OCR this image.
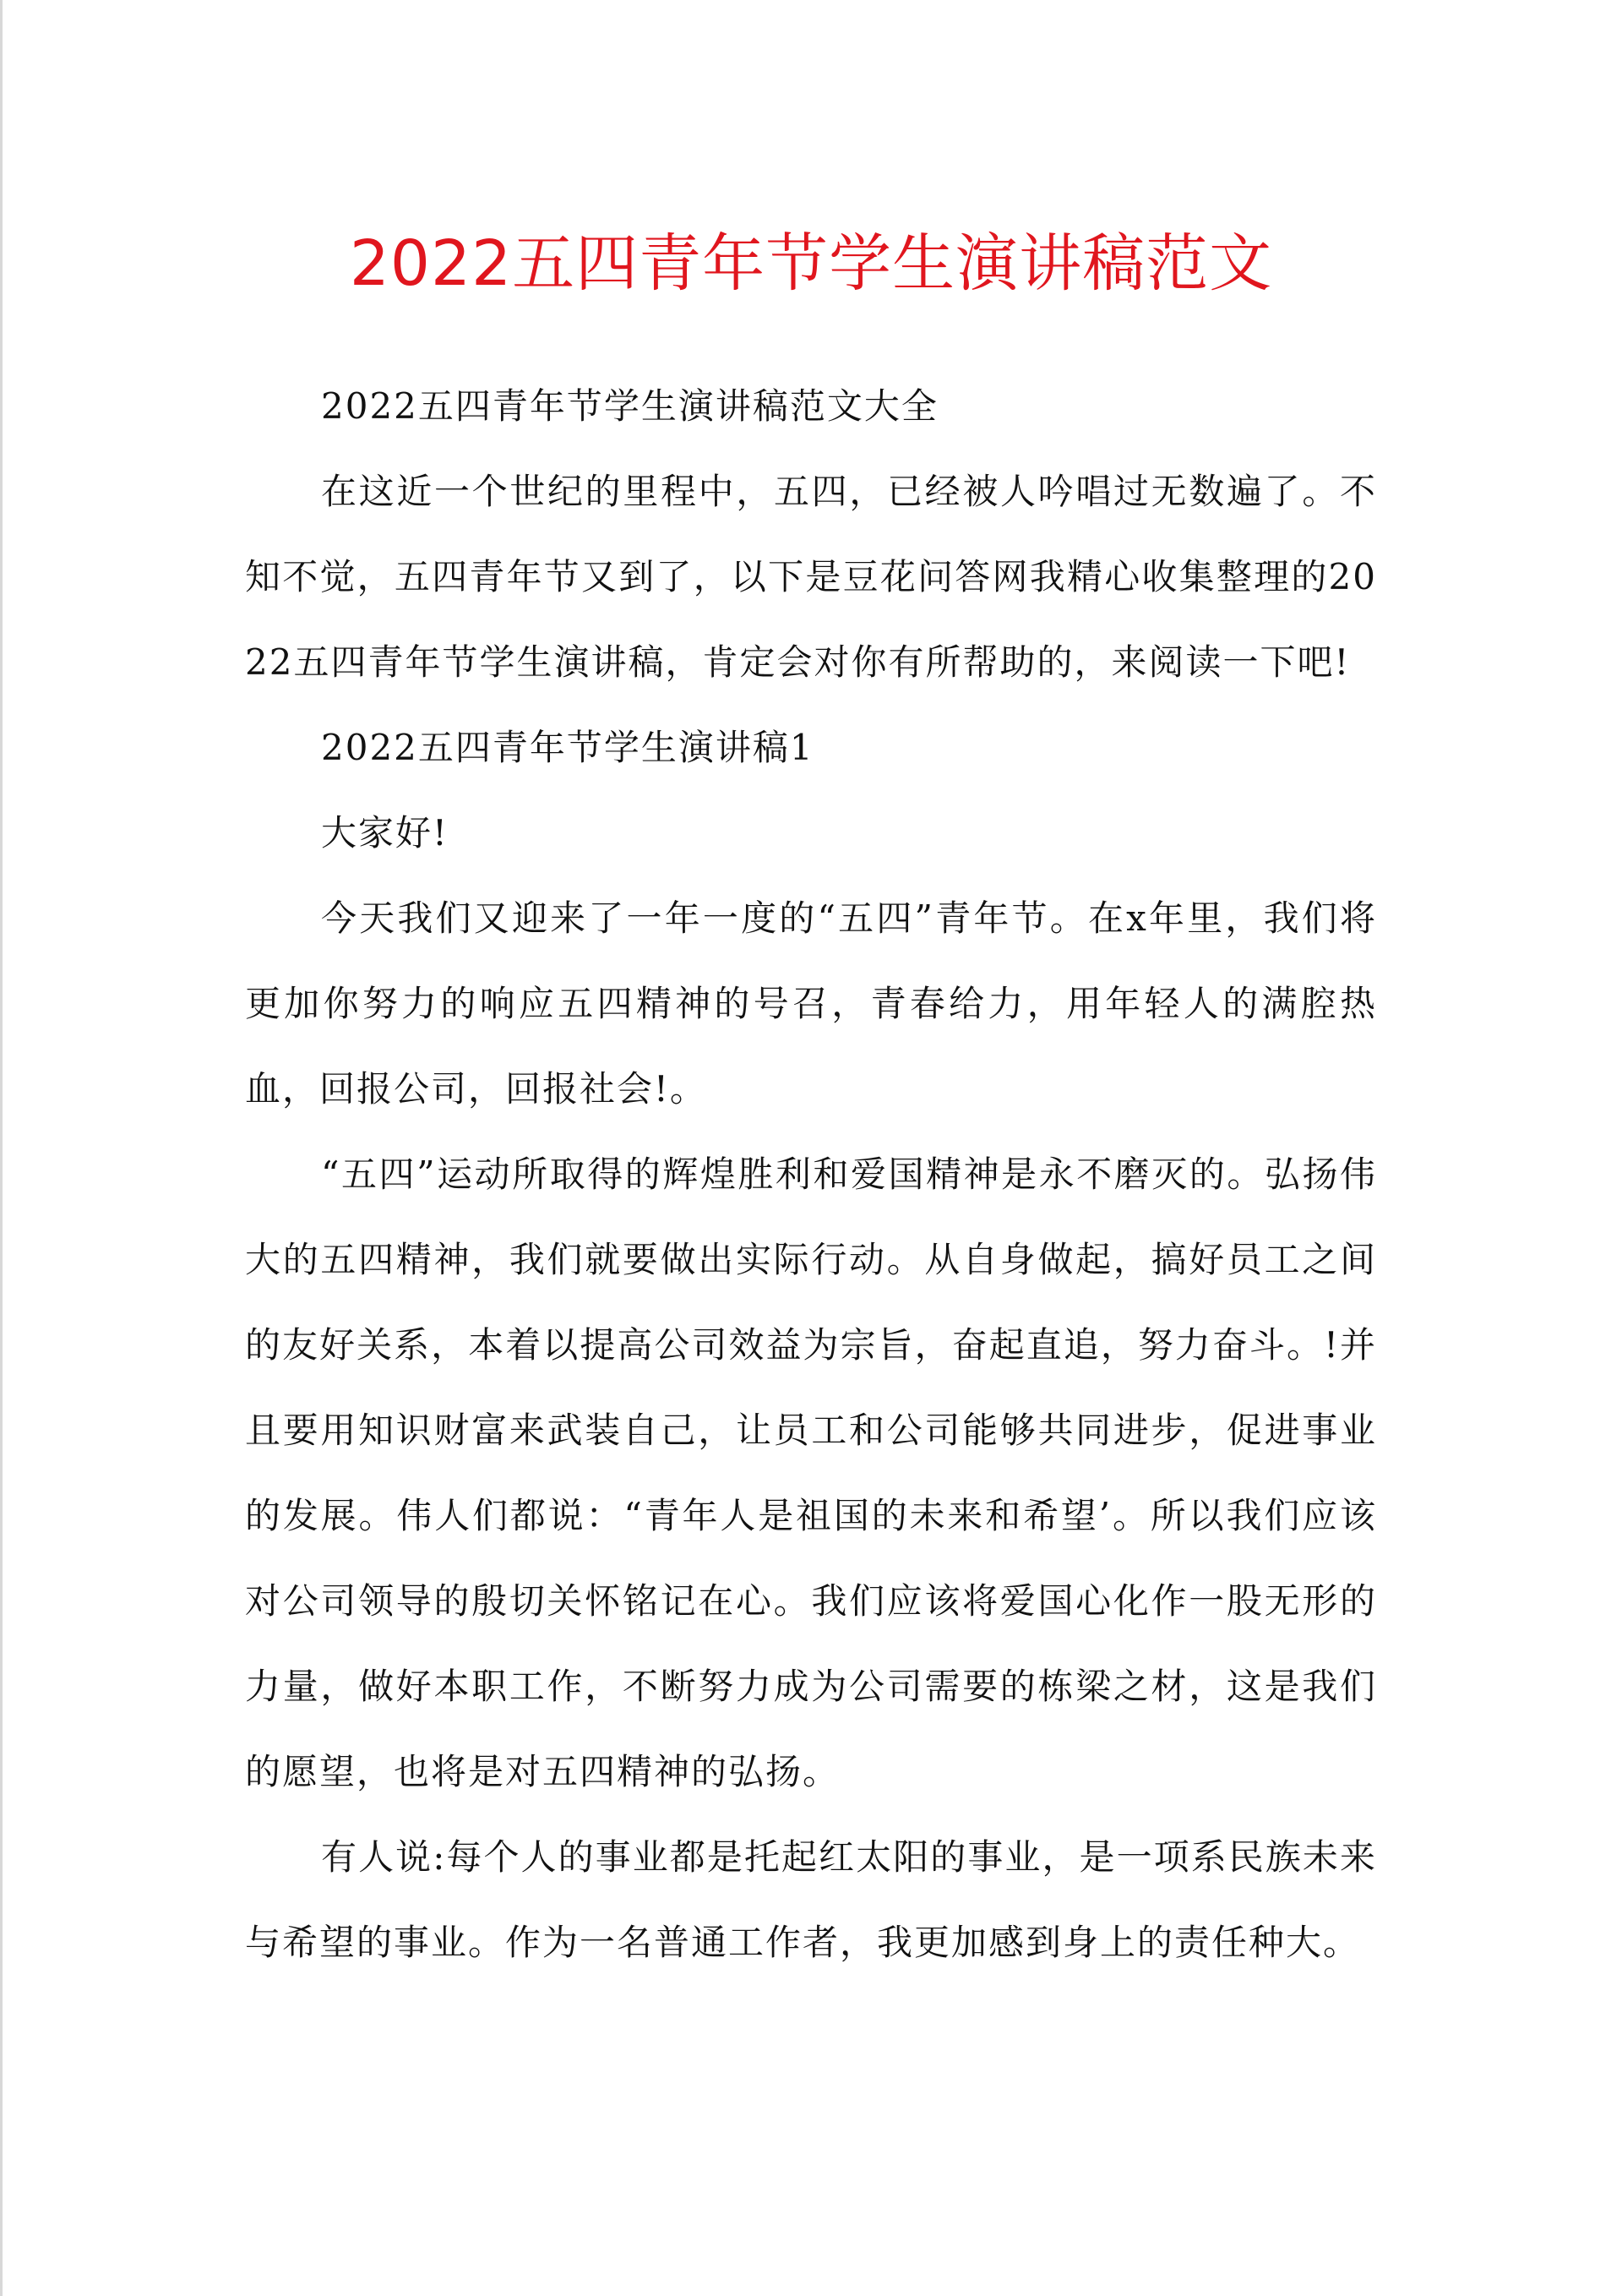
2022五四青年节学生演讲稿范文

2022五四青年节学生演讲稿范文大全

在这近一个世纪的里程中，五四，已经被人吟唱过无数遍了。不知不觉，五四青年节又到了，以下是豆花问答网我精心收集整理的2022五四青年节学生演讲稿，肯定会对你有所帮助的，来阅读一下吧!

2022五四青年节学生演讲稿1

大家好!

今天我们又迎来了一年一度的“五四”青年节。在x年里，我们将更加你努力的响应五四精神的号召，青春给力，用年轻人的满腔热血，回报公司，回报社会!。

“五四”运动所取得的辉煌胜利和爱国精神是永不磨灭的。弘扬伟大的五四精神，我们就要做出实际行动。从自身做起，搞好员工之间的友好关系，本着以提高公司效益为宗旨，奋起直追，努力奋斗。!并且要用知识财富来武装自己，让员工和公司能够共同进步，促进事业的发展。伟人们都说：“青年人是祖国的未来和希望’。所以我们应该对公司领导的殷切关怀铭记在心。我们应该将爱国心化作一股无形的力量，做好本职工作，不断努力成为公司需要的栋梁之材，这是我们的愿望，也将是对五四精神的弘扬。

有人说:每个人的事业都是托起红太阳的事业，是一项系民族未来与希望的事业。作为一名普通工作者，我更加感到身上的责任种大。
